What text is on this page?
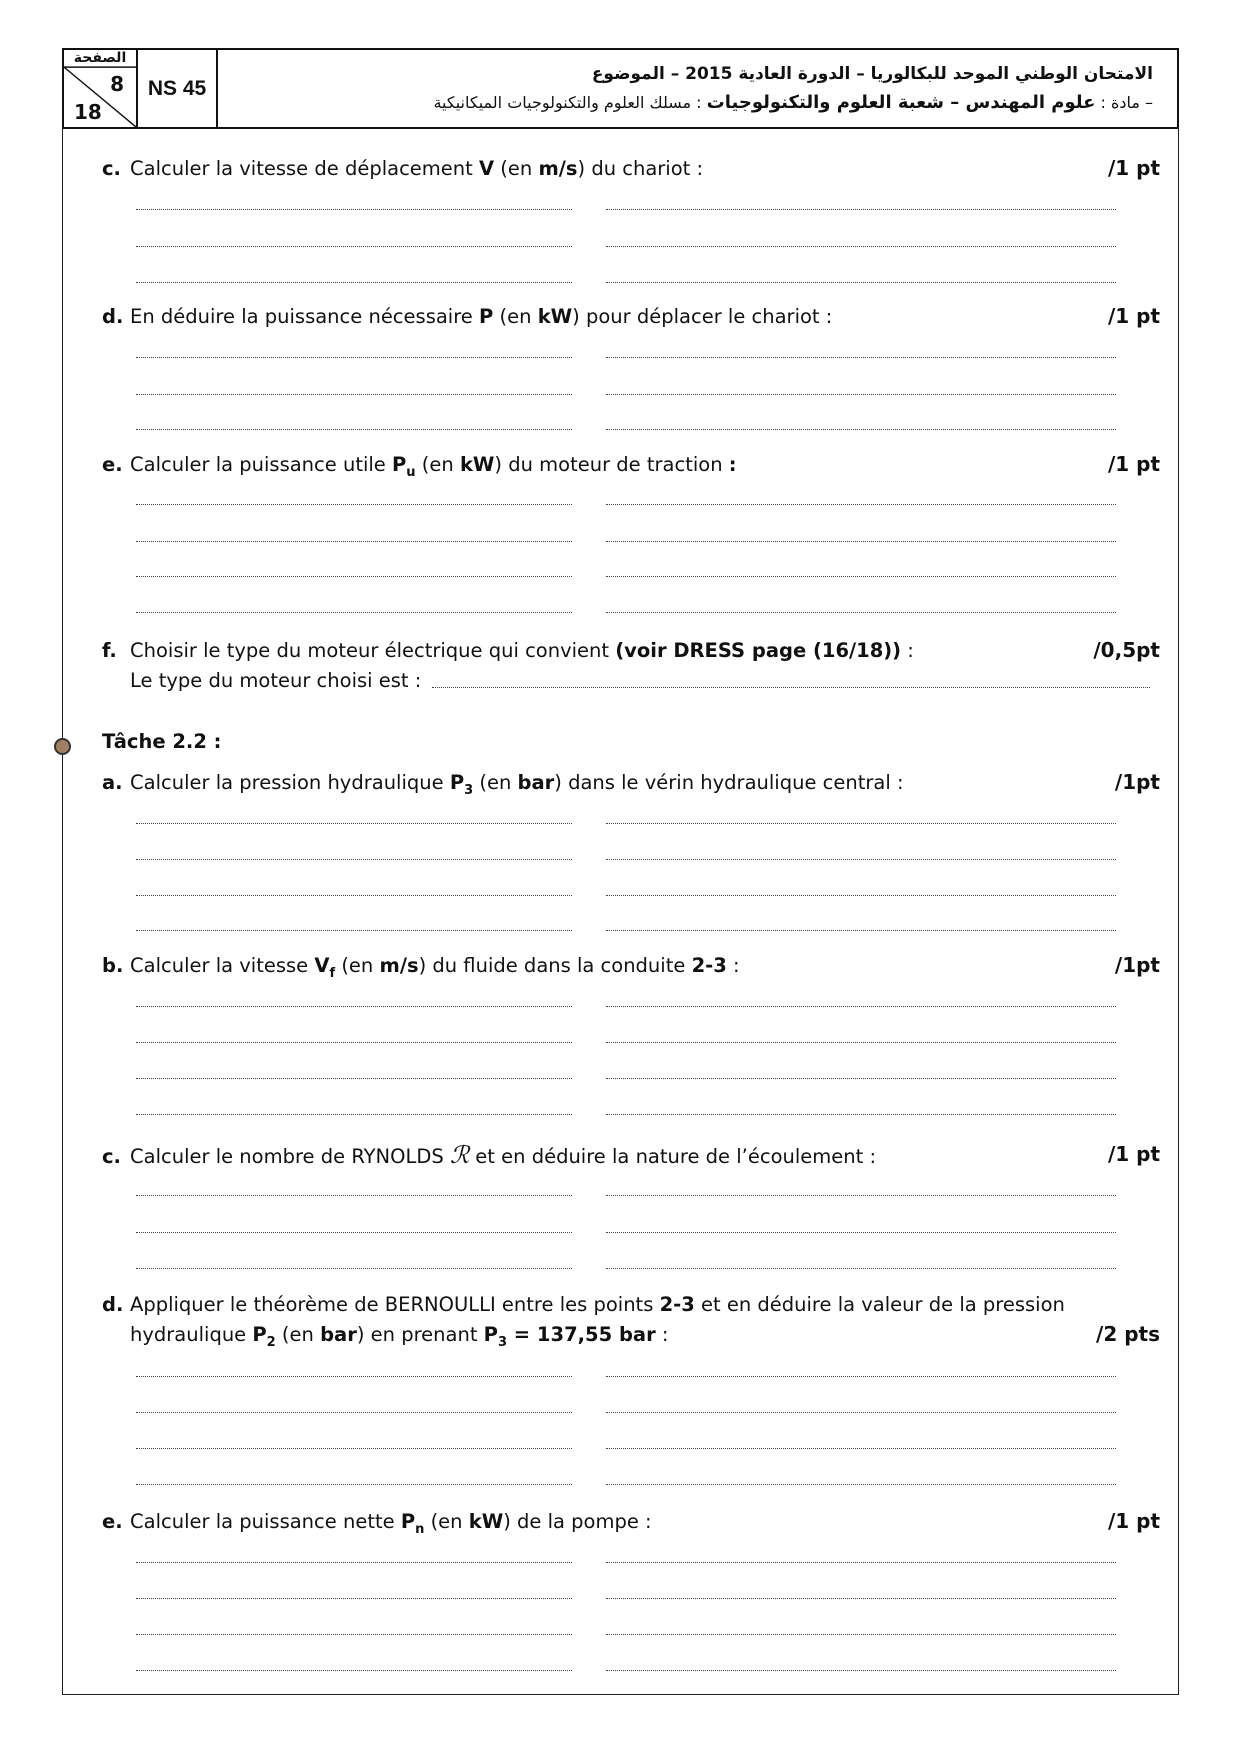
الصفحة
8
18
NS 45
الامتحان الوطني الموحد للبكالوريا – الدورة العادية 2015 – الموضوع
– مادة : علوم المهندس – شعبة العلوم والتكنولوجيات : مسلك العلوم والتكنولوجيات الميكانيكية
c. Calculer la vitesse de déplacement V (en m/s) du chariot :	/1 pt
d. En déduire la puissance nécessaire P (en kW) pour déplacer le chariot :	/1 pt
e. Calculer la puissance utile $P_u$ (en kW) du moteur de traction :	/1 pt
f. Choisir le type du moteur électrique qui convient (voir DRESS page (16/18)) :
Le type du moteur choisi est :
/0,5pt
Tâche 2.2 :
a. Calculer la pression hydraulique $P_3$ (en bar) dans le vérin hydraulique central :	/1pt
b. Calculer la vitesse $V_f$ (en m/s) du fluide dans la conduite 2-3 :	/1pt
c. Calculer le nombre de RYNOLDS ℛ et en déduire la nature de l’écoulement :	/1 pt
d. Appliquer le théorème de BERNOULLI entre les points 2-3 et en déduire la valeur de la pression
hydraulique $P_2$ (en bar) en prenant $P_3 = 137,55$ bar :	/2 pts
e. Calculer la puissance nette $P_n$ (en kW) de la pompe :	/1 pt
